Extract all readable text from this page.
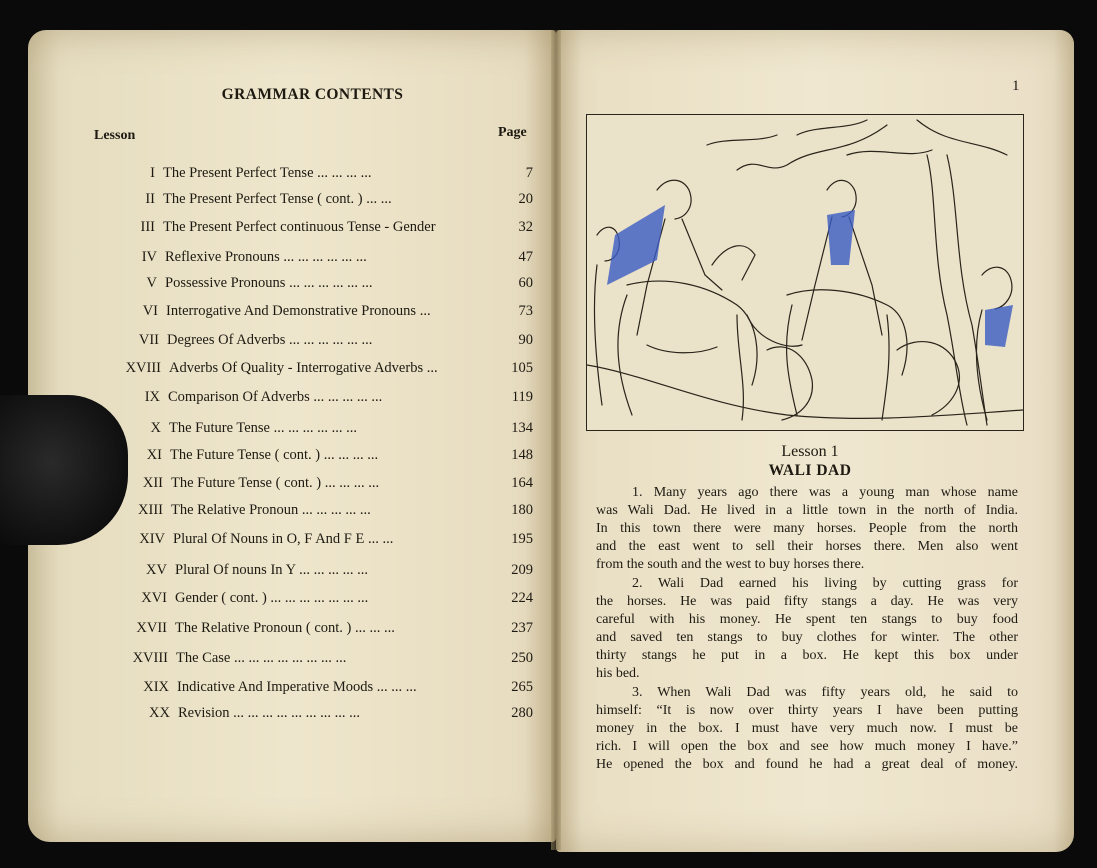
GRAMMAR CONTENTS
Lesson	Page
I The Present Perfect Tense ... ... ... ...	7
II The Present Perfect Tense ( cont. ) ... ...	20
III The Present Perfect continuous Tense - Gender	32
IV Reflexive Pronouns ... ... ... ... ... ...	47
V Possessive Pronouns ... ... ... ... ... ...	60
VI Interrogative And Demonstrative Pronouns ...	73
VII Degrees Of Adverbs ... ... ... ... ... ...	90
XVIII Adverbs Of Quality - Interrogative Adverbs ...	105
IX Comparison Of Adverbs ... ... ... ... ...	119
X The Future Tense ... ... ... ... ... ...	134
XI The Future Tense ( cont. ) ... ... ... ...	148
XII The Future Tense ( cont. ) ... ... ... ...	164
XIII The Relative Pronoun ... ... ... ... ...	180
XIV Plural Of Nouns in O, F And F E ... ...	195
XV Plural Of nouns In Y ... ... ... ... ...	209
XVI Gender ( cont. ) ... ... ... ... ... ... ...	224
XVII The Relative Pronoun ( cont. ) ... ... ...	237
XVIII The Case ... ... ... ... ... ... ... ...	250
XIX Indicative And Imperative Moods ... ... ...	265
XX Revision ... ... ... ... ... ... ... ... ...	280
1
Lesson 1
WALI DAD
1. Many years ago there was a young man whose name
was Wali Dad. He lived in a little town in the north of India.
In this town there were many horses. People from the north
and the east went to sell their horses there. Men also went
from the south and the west to buy horses there.
2. Wali Dad earned his living by cutting grass for
the horses. He was paid fifty stangs a day. He was very
careful with his money. He spent ten stangs to buy food
and saved ten stangs to buy clothes for winter. The other
thirty stangs he put in a box. He kept this box under
his bed.
3. When Wali Dad was fifty years old, he said to
himself: “It is now over thirty years I have been putting
money in the box. I must have very much now. I must be
rich. I will open the box and see how much money I have.”
He opened the box and found he had a great deal of money.
